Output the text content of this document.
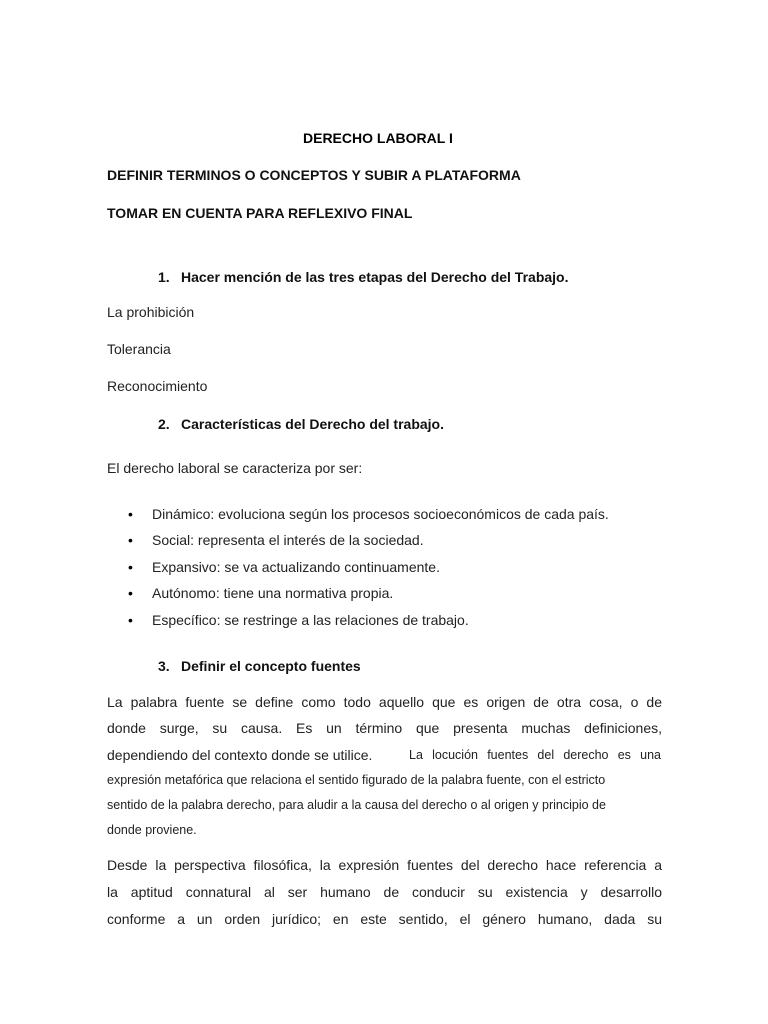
DERECHO LABORAL I
DEFINIR TERMINOS O CONCEPTOS Y SUBIR A PLATAFORMA
TOMAR EN CUENTA PARA REFLEXIVO FINAL
1. Hacer mención de las tres etapas del Derecho del Trabajo.
La prohibición
Tolerancia
Reconocimiento
2. Características del Derecho del trabajo.
El derecho laboral se caracteriza por ser:
• Dinámico: evoluciona según los procesos socioeconómicos de cada país.
• Social: representa el interés de la sociedad.
• Expansivo: se va actualizando continuamente.
• Autónomo: tiene una normativa propia.
• Específico: se restringe a las relaciones de trabajo.
3. Definir el concepto fuentes
La palabra fuente se define como todo aquello que es origen de otra cosa, o de
donde surge, su causa. Es un término que presenta muchas definiciones,
dependiendo del contexto donde se utilice.	La locución fuentes del derecho es una
expresión metafórica que relaciona el sentido figurado de la palabra fuente, con el estricto
sentido de la palabra derecho, para aludir a la causa del derecho o al origen y principio de
donde proviene.
Desde la perspectiva filosófica, la expresión fuentes del derecho hace referencia a
la aptitud connatural al ser humano de conducir su existencia y desarrollo
conforme a un orden jurídico; en este sentido, el género humano, dada su
